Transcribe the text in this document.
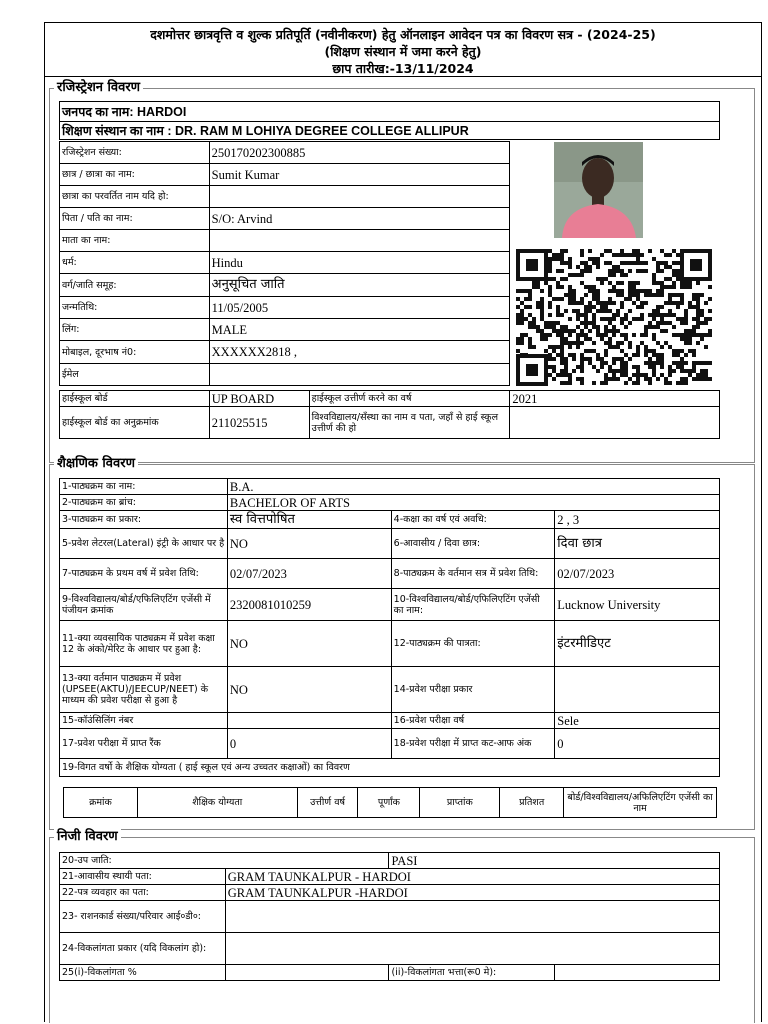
दशमोत्तर छात्रवृत्ति व शुल्क प्रतिपूर्ति (नवीनीकरण) हेतु ऑनलाइन आवेदन पत्र का विवरण सत्र - (2024-25)
(शिक्षण संस्थान में जमा करने हेतु)
छाप तारीख:-13/11/2024
रजिस्ट्रेशन विवरण
जनपद का नाम: HARDOI
शिक्षण संस्थान का नाम : DR. RAM M LOHIYA DEGREE COLLEGE ALLIPUR
रजिस्ट्रेशन संख्या:	250170202300885
छात्र / छात्रा का नाम:	Sumit Kumar
छात्रा का परवर्तित नाम यदि हो:	
पिता / पति का नाम:	S/O: Arvind
माता का नाम:	
धर्म:	Hindu
वर्ग/जाति समूह:	अनुसूचित जाति
जन्मतिथि:	11/05/2005
लिंग:	MALE
मोबाइल, दूरभाष नं0:	XXXXXX2818 ,
ईमेल	
हाईस्कूल बोर्ड	UP BOARD	हाईस्कूल उत्तीर्ण करने का वर्ष	2021
हाईस्कूल बोर्ड का अनुक्रमांक	211025515	विश्वविद्यालय/सँस्था का नाम व पता, जहाँ से हाई स्कूल उत्तीर्ण की हो	
शैक्षणिक विवरण
1-पाठ्यक्रम का नाम:	B.A.		
2-पाठ्यक्रम का ब्रांच:	BACHELOR OF ARTS		
3-पाठ्यक्रम का प्रकार:	स्व वित्तपोषित	4-कक्षा का वर्ष एवं अवधि:	2 , 3
5-प्रवेश लेटरल(Lateral) इंट्री के आधार पर है	NO	6-आवासीय / दिवा छात्र:	दिवा छात्र
7-पाठ्यक्रम के प्रथम वर्ष में प्रवेश तिथि:	02/07/2023	8-पाठ्यक्रम के वर्तमान सत्र में प्रवेश तिथि:	02/07/2023
9-विश्वविद्यालय/बोर्ड/एफिलिएटिंग एजेंसी में पंजीयन क्रमांक	2320081010259	10-विश्वविद्यालय/बोर्ड/एफिलिएटिंग एजेंसी का नाम:	Lucknow University
11-क्या व्यवसायिक पाठ्यक्रम में प्रवेश कक्षा 12 के अंको/मेरिट के आधार पर हुआ है:	NO	12-पाठ्यक्रम की पात्रता:	इंटरमीडिएट
13-क्या वर्तमान पाठ्यक्रम में प्रवेश (UPSEE(AKTU)/JEECUP/NEET) के माध्यम की प्रवेश परीक्षा से हुआ है	NO	14-प्रवेश परीक्षा प्रकार	
15-कॉउंसिलिंग नंबर		16-प्रवेश परीक्षा वर्ष	Sele
17-प्रवेश परीक्षा में प्राप्त रैंक	0	18-प्रवेश परीक्षा में प्राप्त कट-आफ अंक	0
19-विगत वर्षो के शैक्षिक योग्यता ( हाई स्कूल एवं अन्य उच्चतर कक्षाओं) का विवरण			
क्रमांक	शैक्षिक योग्यता	उत्तीर्ण वर्ष	पूर्णांक	प्राप्तांक	प्रतिशत	बोर्ड/विश्वविद्यालय/अफिलिएटिंग एजेंसी का नाम
निजी विवरण
20-उप जाति:		PASI	
21-आवासीय स्थायी पता:	GRAM TAUNKALPUR - HARDOI		
22-पत्र व्यवहार का पता:	GRAM TAUNKALPUR -HARDOI		
23- राशनकार्ड संख्या/परिवार आई०डी०:			
24-विकलांगता प्रकार (यदि विकलांग हो):			
25(i)-विकलांगता %		(ii)-विकलांगता भत्ता(रू0 मे):	
